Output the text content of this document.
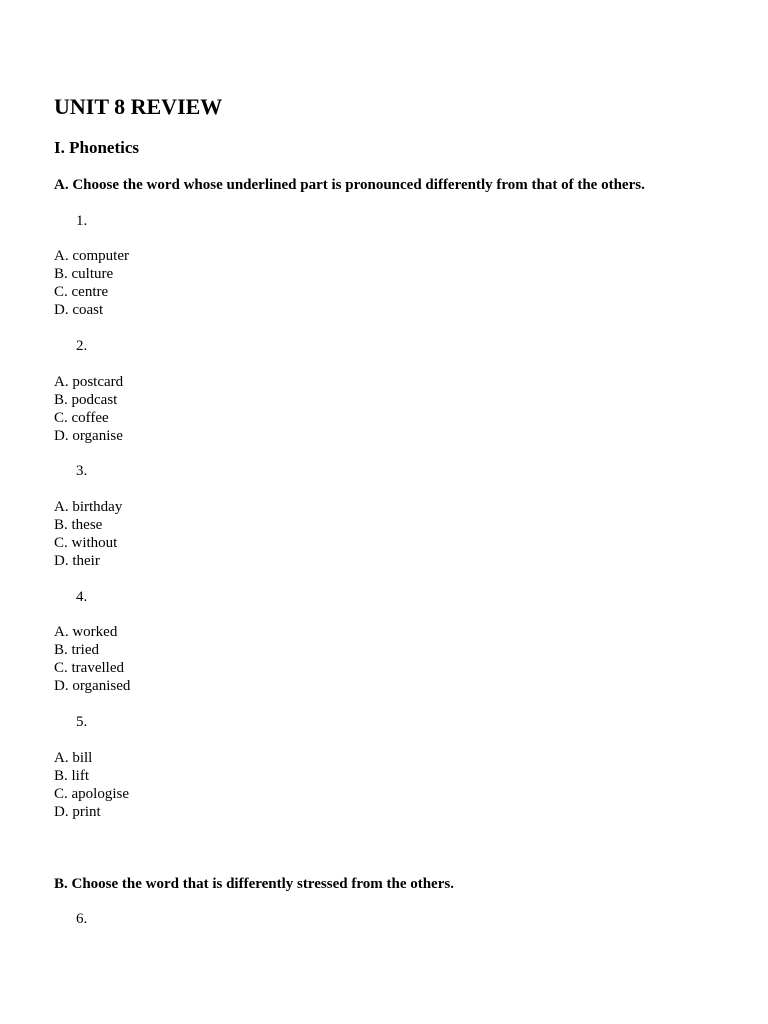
UNIT 8 REVIEW
I. Phonetics
A. Choose the word whose underlined part is pronounced differently from that of the others.
1.
A. computer
B. culture
C. centre
D. coast
2.
A. postcard
B. podcast
C. coffee
D. organise
3.
A. birthday
B. these
C. without
D. their
4.
A. worked
B. tried
C. travelled
D. organised
5.
A. bill
B. lift
C. apologise
D. print
B. Choose the word that is differently stressed from the others.
6.
